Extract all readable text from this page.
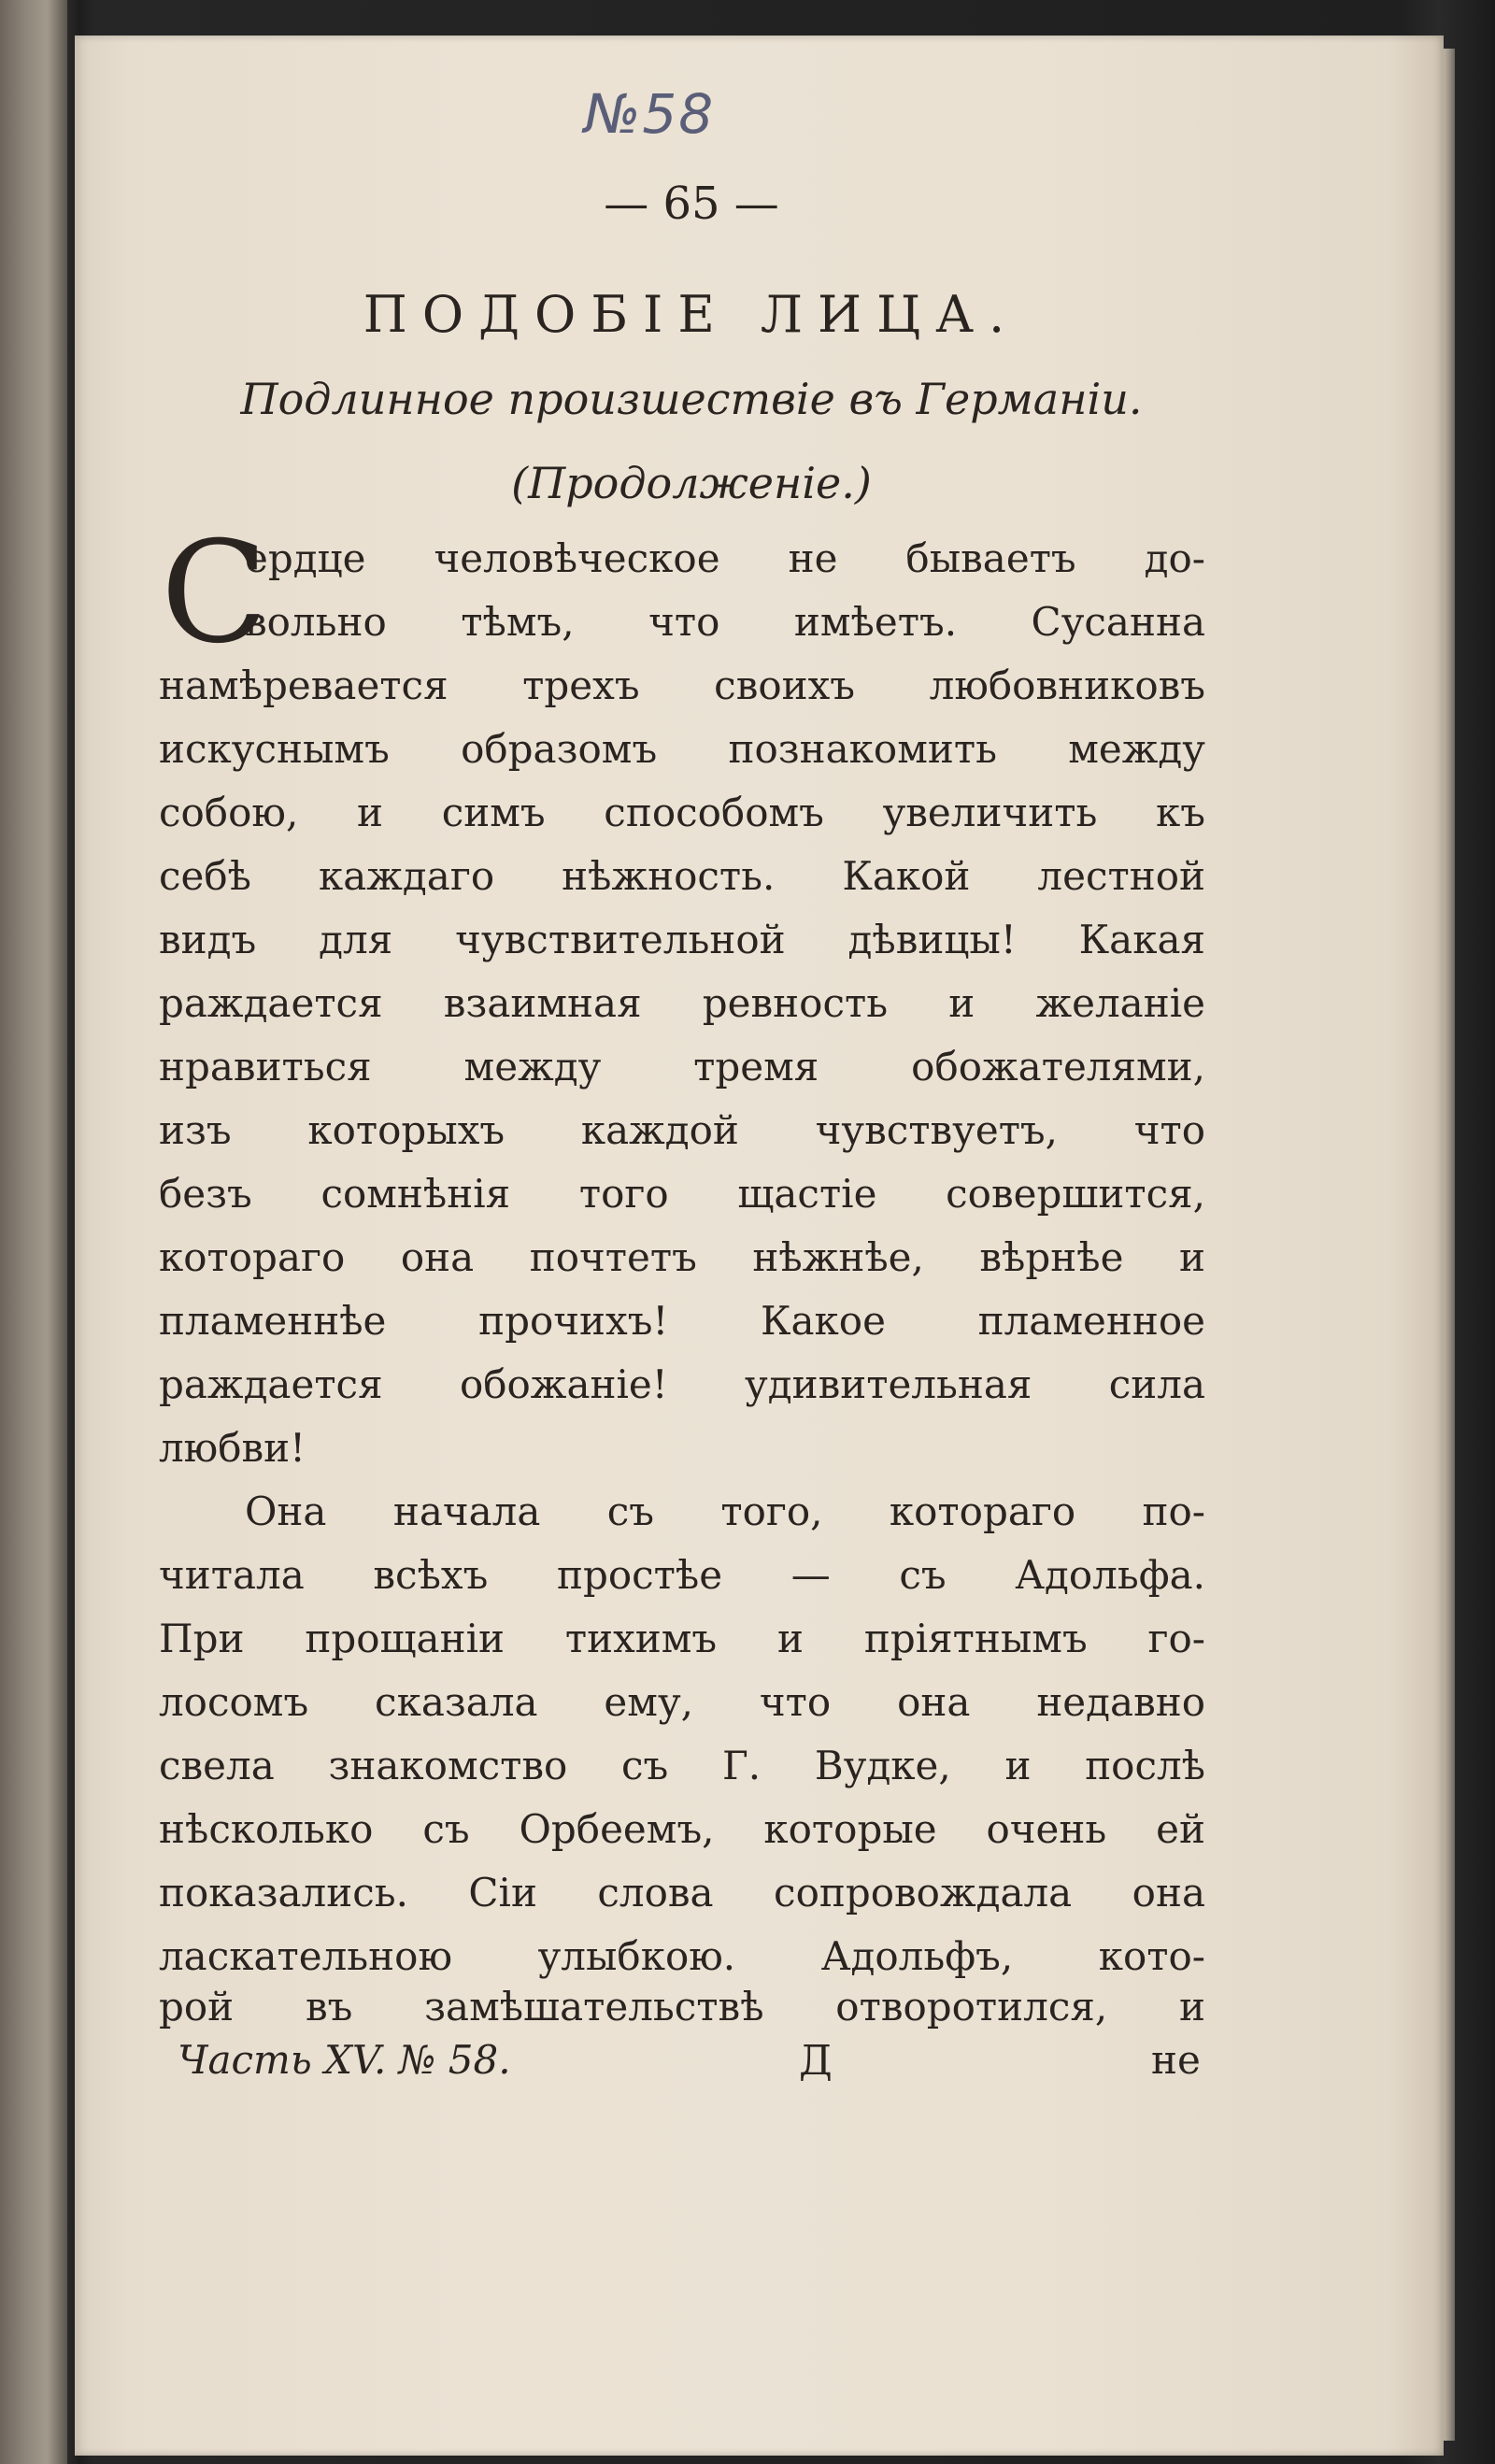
№58
— 65 —
ПОДОБІЕ ЛИЦА.
Подлинное произшествіе въ Германіи.
(Продолженіе.)
С
ердце человѣческое не бываетъ до-
вольно тѣмъ, что имѣетъ. Сусанна
намѣревается трехъ своихъ любовниковъ
искуснымъ образомъ познакомить между
собою, и симъ способомъ увеличить къ
себѣ каждаго нѣжность. Какой лестной
видъ для чувствительной дѣвицы! Какая
раждается взаимная ревность и желаніе
нравиться между тремя обожателями,
изъ которыхъ каждой чувствуетъ, что
безъ сомнѣнія того щастіе совершится,
котораго она почтетъ нѣжнѣе, вѣрнѣе и
пламеннѣе прочихъ! Какое пламенное
раждается обожаніе! удивительная сила
любви!
Она начала съ того, котораго по-
читала всѣхъ простѣе — съ Адольфа.
При прощаніи тихимъ и пріятнымъ го-
лосомъ сказала ему, что она недавно
свела знакомство съ Г. Вудке, и послѣ
нѣсколько съ Орбеемъ, которые очень ей
показались. Сіи слова сопровождала она
ласкательною улыбкою. Адольфъ, кото-
рой въ замѣшательствѣ отворотился, и
Часть XV. № 58.	Д	не
